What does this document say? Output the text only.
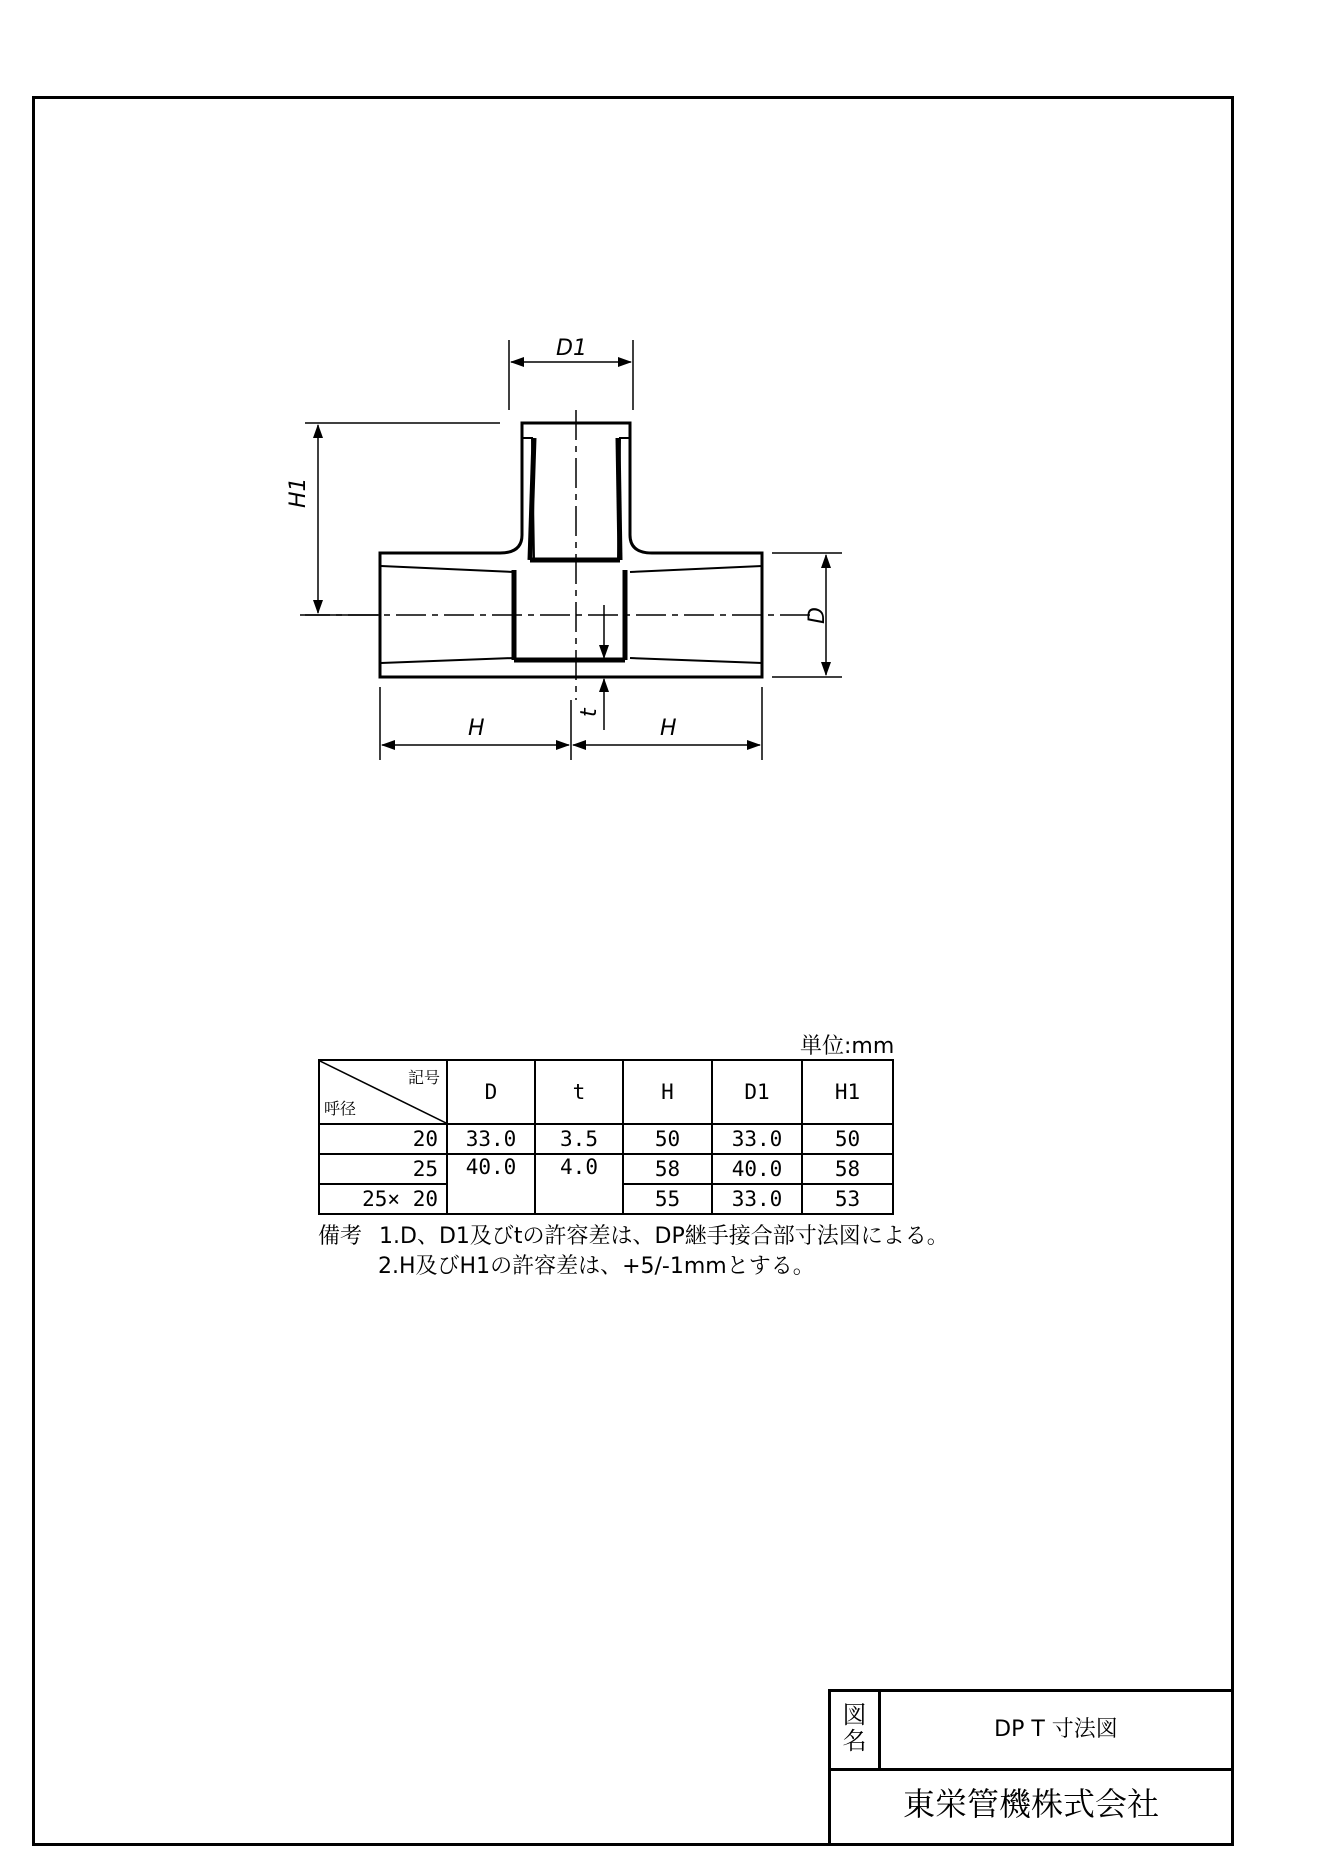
D1
H1
D
t
H	H
単位:mm
記号
呼径	D	t	H	D1	H1
20	33.0	3.5	50	33.0	50
25	40.0	4.0	58	40.0	58
25× 20			55	33.0	53
備考 1.D、D1及びtの許容差は、DP継手接合部寸法図による。
2.H及びH1の許容差は、+5/-1mmとする。
図
名	DP T 寸法図
東栄管機株式会社
